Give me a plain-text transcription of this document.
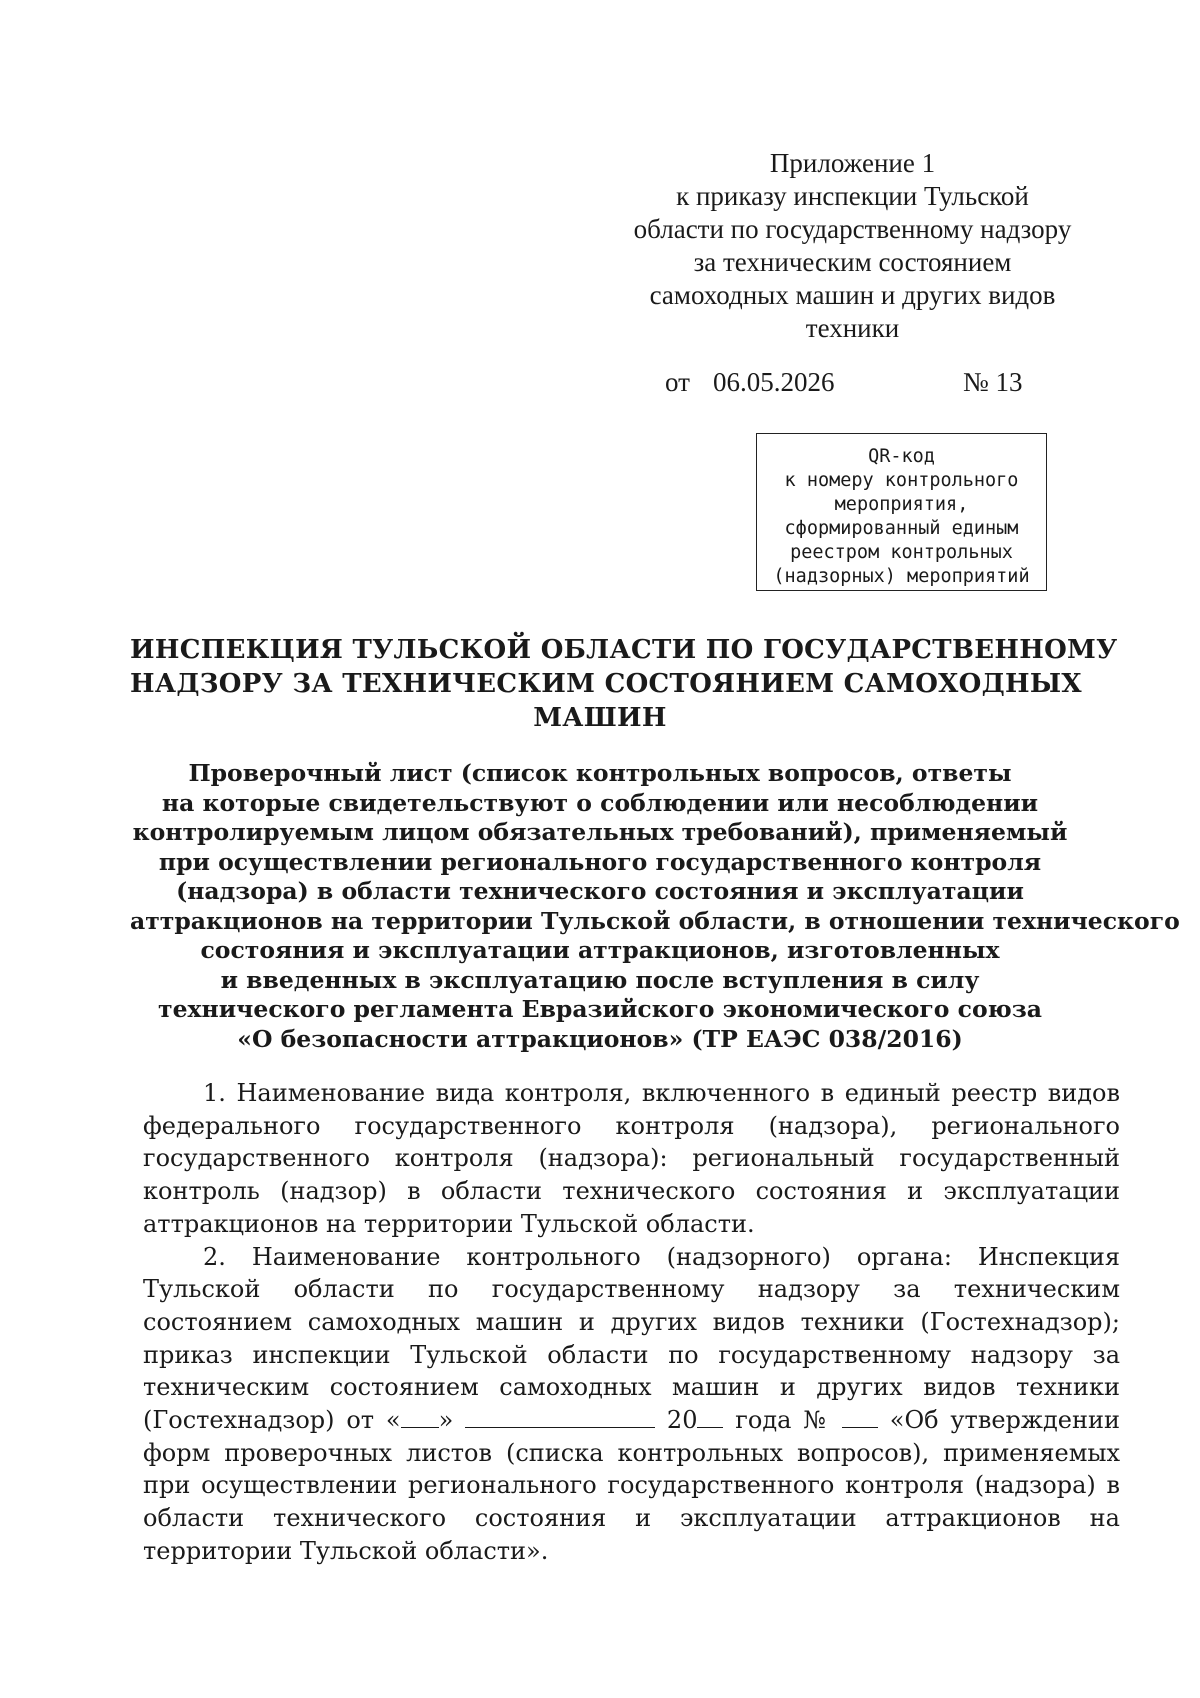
Приложение 1
к приказу инспекции Тульской
области по государственному надзору
за техническим состоянием
самоходных машин и других видов
техники
от 06.05.2026	№ 13
QR-код
к номеру контрольного
мероприятия,
сформированный единым
реестром контрольных
(надзорных) мероприятий
ИНСПЕКЦИЯ ТУЛЬСКОЙ ОБЛАСТИ ПО ГОСУДАРСТВЕННОМУ
НАДЗОРУ ЗА ТЕХНИЧЕСКИМ СОСТОЯНИЕМ САМОХОДНЫХ
МАШИН
Проверочный лист (список контрольных вопросов, ответы
на которые свидетельствуют о соблюдении или несоблюдении
контролируемым лицом обязательных требований), применяемый
при осуществлении регионального государственного контроля
(надзора) в области технического состояния и эксплуатации
аттракционов на территории Тульской области, в отношении технического
состояния и эксплуатации аттракционов, изготовленных
и введенных в эксплуатацию после вступления в силу
технического регламента Евразийского экономического союза
«О безопасности аттракционов» (ТР ЕАЭС 038/2016)

1. Наименование вида контроля, включенного в единый реестр видов федерального государственного контроля (надзора), регионального государственного контроля (надзора): региональный государственный контроль (надзор) в области технического состояния и эксплуатации аттракционов на территории Тульской области.

2. Наименование контрольного (надзорного) органа: Инспекция Тульской области по государственному надзору за техническим состоянием самоходных машин и других видов техники (Гостехнадзор); приказ инспекции Тульской области по государственному надзору за техническим состоянием самоходных машин и других видов техники (Гостехнадзор) от « »	20 года № «Об утверждении форм проверочных листов (списка контрольных вопросов), применяемых при осуществлении регионального государственного контроля (надзора) в области технического состояния и эксплуатации аттракционов на территории Тульской области».
